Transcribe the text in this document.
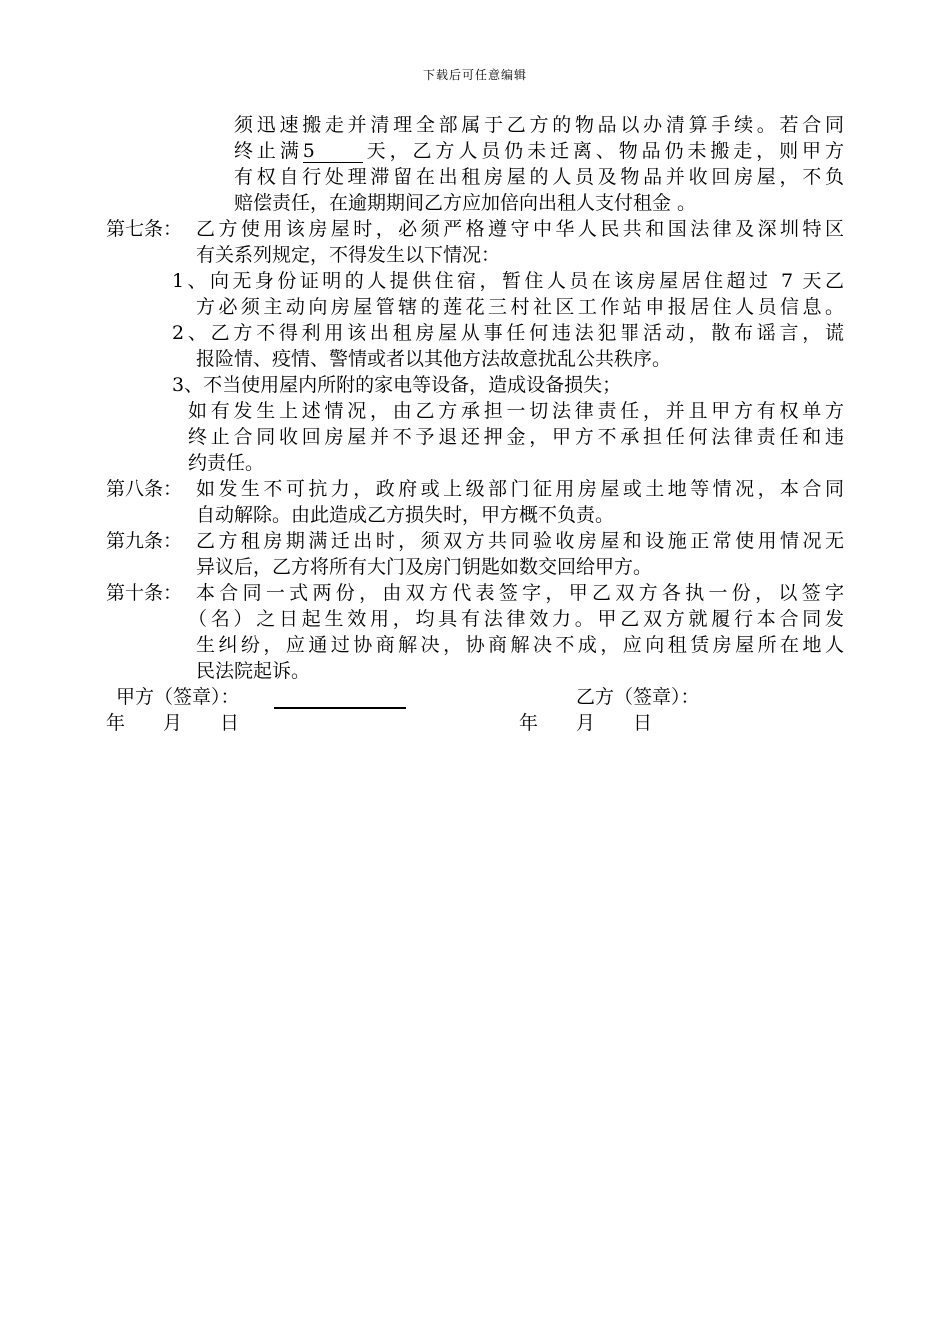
下载后可任意编辑
须迅速搬走并清理全部属于乙方的物品以办清算手续。若合同
终止满5	天，乙方人员仍未迁离、物品仍未搬走，则甲方
有权自行处理滞留在出租房屋的人员及物品并收回房屋，不负
赔偿责任，在逾期期间乙方应加倍向出租人支付租金 。
第七条： 乙方使用该房屋时，必须严格遵守中华人民共和国法律及深圳特区
有关系列规定，不得发生以下情况：
1、向无身份证明的人提供住宿，暂住人员在该房屋居住超过 7 天乙
方必须主动向房屋管辖的莲花三村社区工作站申报居住人员信息。
2、乙方不得利用该出租房屋从事任何违法犯罪活动，散布谣言，谎
报险情、疫情、警情或者以其他方法故意扰乱公共秩序。
3、不当使用屋内所附的家电等设备，造成设备损失；
如有发生上述情况，由乙方承担一切法律责任，并且甲方有权单方
终止合同收回房屋并不予退还押金，甲方不承担任何法律责任和违
约责任。
第八条： 如发生不可抗力，政府或上级部门征用房屋或土地等情况，本合同
自动解除。由此造成乙方损失时，甲方概不负责。
第九条： 乙方租房期满迁出时，须双方共同验收房屋和设施正常使用情况无
异议后，乙方将所有大门及房门钥匙如数交回给甲方。
第十条： 本合同一式两份，由双方代表签字，甲乙双方各执一份，以签字
（名）之日起生效用，均具有法律效力。甲乙双方就履行本合同发
生纠纷，应通过协商解决，协商解决不成，应向租赁房屋所在地人
民法院起诉。
甲方（签章）：	乙方（签章）：
年　　月　　日	年　　月　　日
